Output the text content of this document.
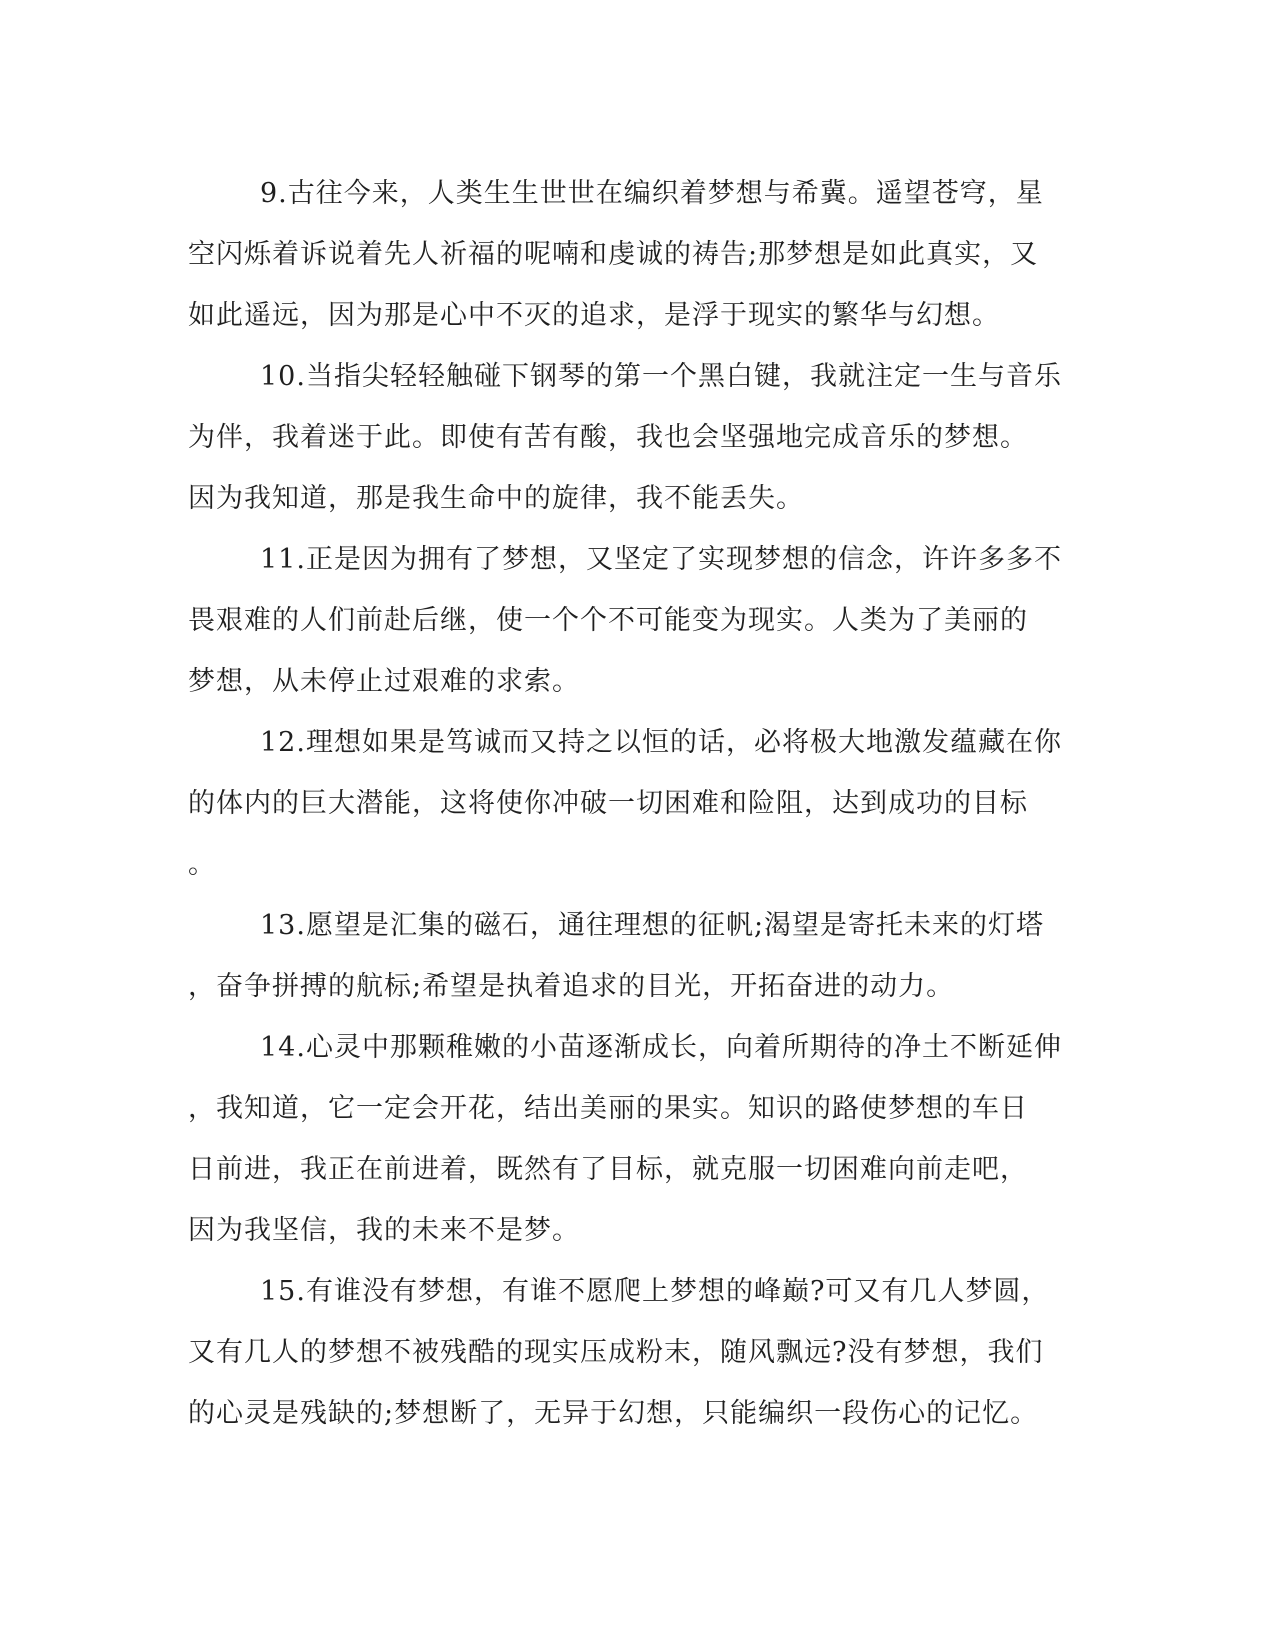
9.古往今来，人类生生世世在编织着梦想与希冀。遥望苍穹，星
空闪烁着诉说着先人祈福的呢喃和虔诚的祷告;那梦想是如此真实，又
如此遥远，因为那是心中不灭的追求，是浮于现实的繁华与幻想。

10.当指尖轻轻触碰下钢琴的第一个黑白键，我就注定一生与音乐
为伴，我着迷于此。即使有苦有酸，我也会坚强地完成音乐的梦想。
因为我知道，那是我生命中的旋律，我不能丢失。

11.正是因为拥有了梦想，又坚定了实现梦想的信念，许许多多不
畏艰难的人们前赴后继，使一个个不可能变为现实。人类为了美丽的
梦想，从未停止过艰难的求索。

12.理想如果是笃诚而又持之以恒的话，必将极大地激发蕴藏在你
的体内的巨大潜能，这将使你冲破一切困难和险阻，达到成功的目标
。

13.愿望是汇集的磁石，通往理想的征帆;渴望是寄托未来的灯塔
，奋争拼搏的航标;希望是执着追求的目光，开拓奋进的动力。

14.心灵中那颗稚嫩的小苗逐渐成长，向着所期待的净土不断延伸
，我知道，它一定会开花，结出美丽的果实。知识的路使梦想的车日
日前进，我正在前进着，既然有了目标，就克服一切困难向前走吧，
因为我坚信，我的未来不是梦。

15.有谁没有梦想，有谁不愿爬上梦想的峰巅?可又有几人梦圆，
又有几人的梦想不被残酷的现实压成粉末，随风飘远?没有梦想，我们
的心灵是残缺的;梦想断了，无异于幻想，只能编织一段伤心的记忆。
